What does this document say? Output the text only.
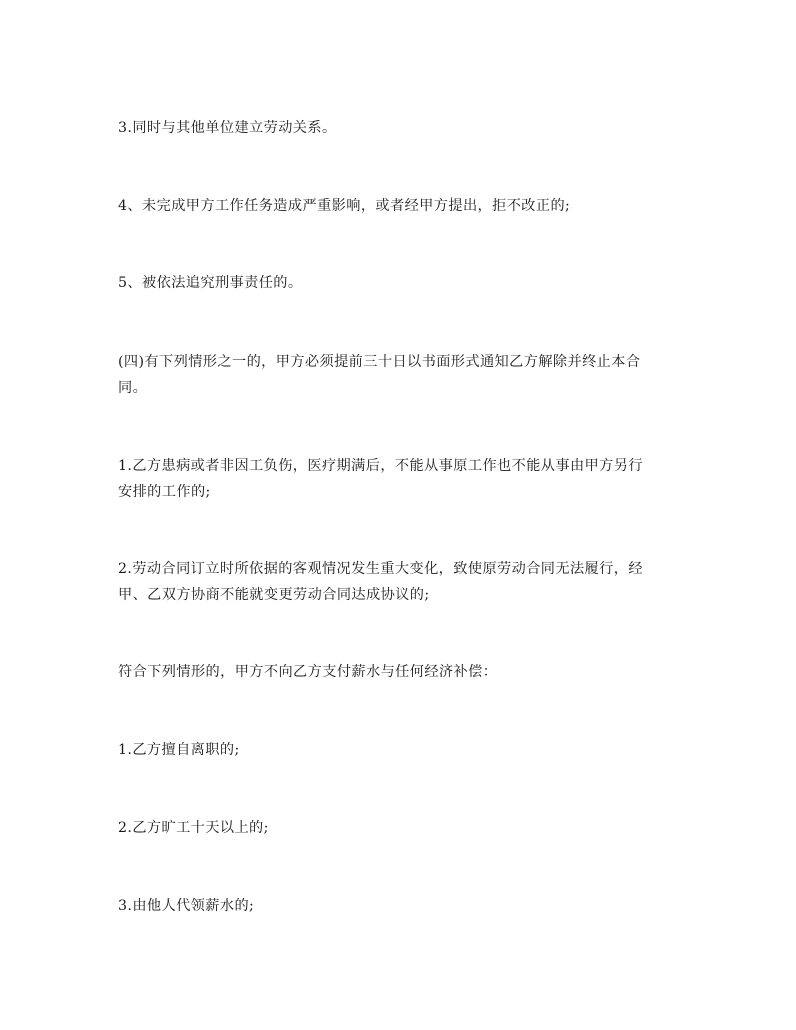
3.同时与其他单位建立劳动关系。

4、未完成甲方工作任务造成严重影响，或者经甲方提出，拒不改正的;

5、被依法追究刑事责任的。

(四)有下列情形之一的，甲方必须提前三十日以书面形式通知乙方解除并终止本合
同。

1.乙方患病或者非因工负伤，医疗期满后，不能从事原工作也不能从事由甲方另行
安排的工作的;

2.劳动合同订立时所依据的客观情况发生重大变化，致使原劳动合同无法履行，经
甲、乙双方协商不能就变更劳动合同达成协议的;

符合下列情形的，甲方不向乙方支付薪水与任何经济补偿：

1.乙方擅自离职的;

2.乙方旷工十天以上的;

3.由他人代领薪水的;
